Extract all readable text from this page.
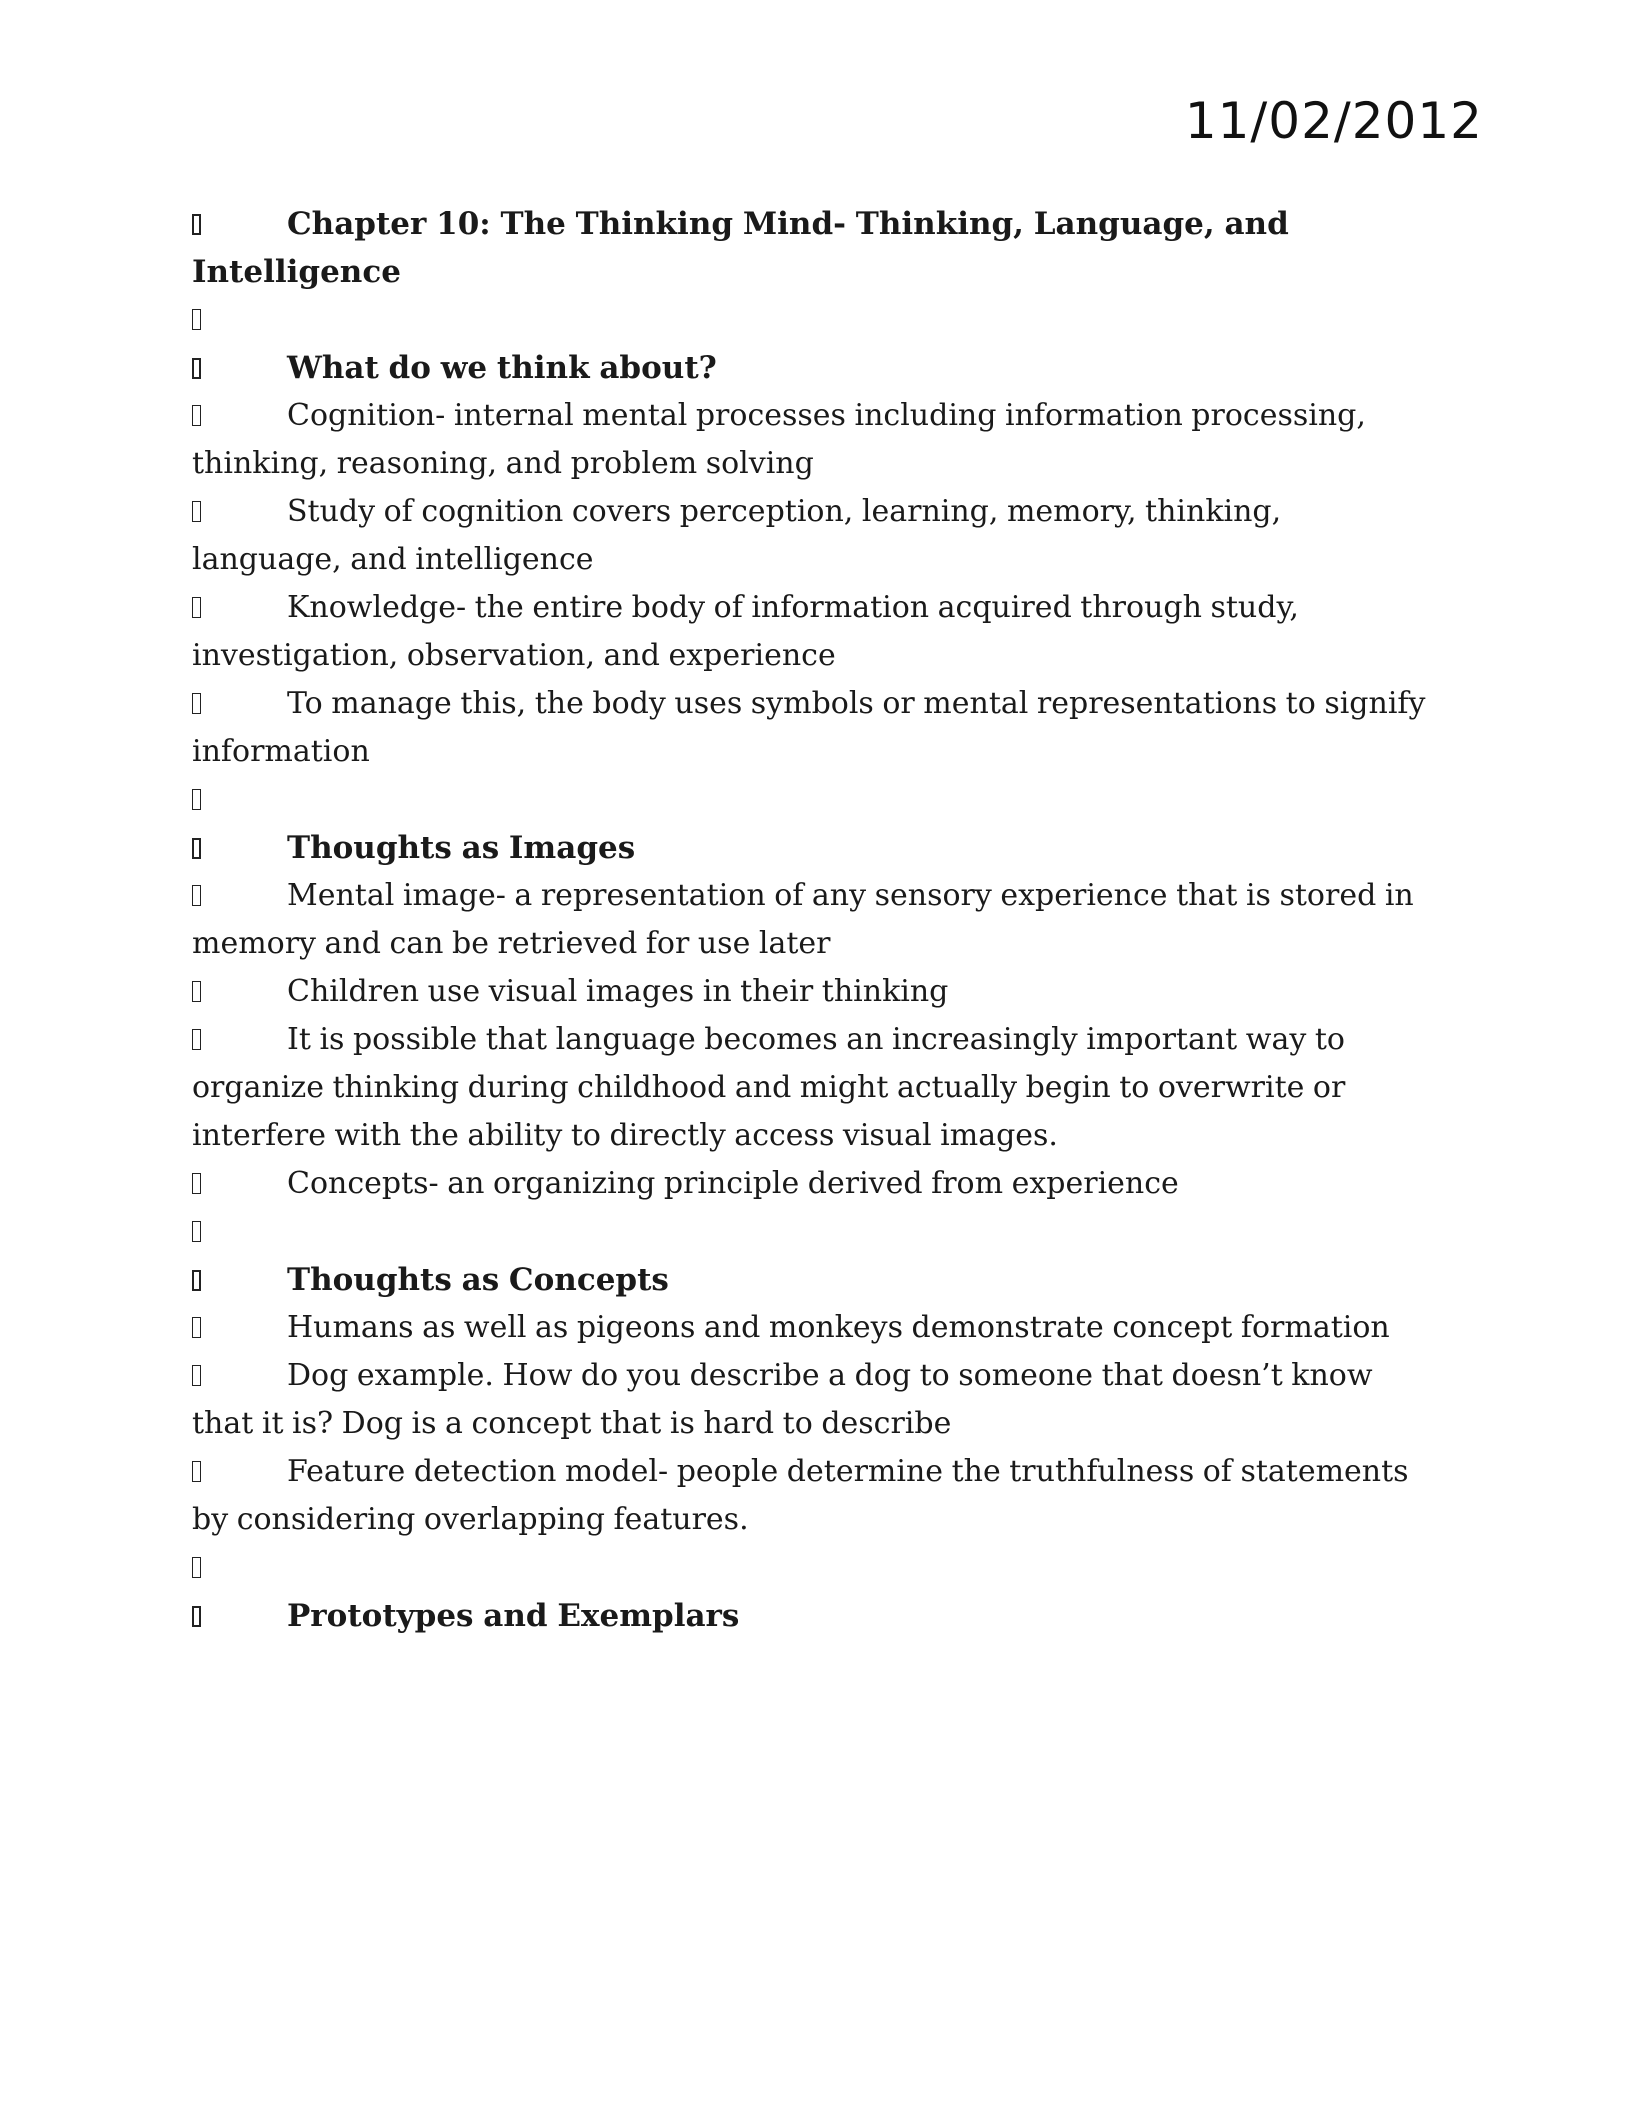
11/02/2012

Chapter 10: The Thinking Mind- Thinking, Language, and Intelligence

What do we think about?

Cognition- internal mental processes including information processing, thinking, reasoning, and problem solving

Study of cognition covers perception, learning, memory, thinking, language, and intelligence

Knowledge- the entire body of information acquired through study, investigation, observation, and experience

To manage this, the body uses symbols or mental representations to signify information

Thoughts as Images

Mental image- a representation of any sensory experience that is stored in memory and can be retrieved for use later

Children use visual images in their thinking

It is possible that language becomes an increasingly important way to organize thinking during childhood and might actually begin to overwrite or interfere with the ability to directly access visual images.

Concepts- an organizing principle derived from experience

Thoughts as Concepts

Humans as well as pigeons and monkeys demonstrate concept formation

Dog example. How do you describe a dog to someone that doesn’t know that it is? Dog is a concept that is hard to describe

Feature detection model- people determine the truthfulness of statements by considering overlapping features.

Prototypes and Exemplars
